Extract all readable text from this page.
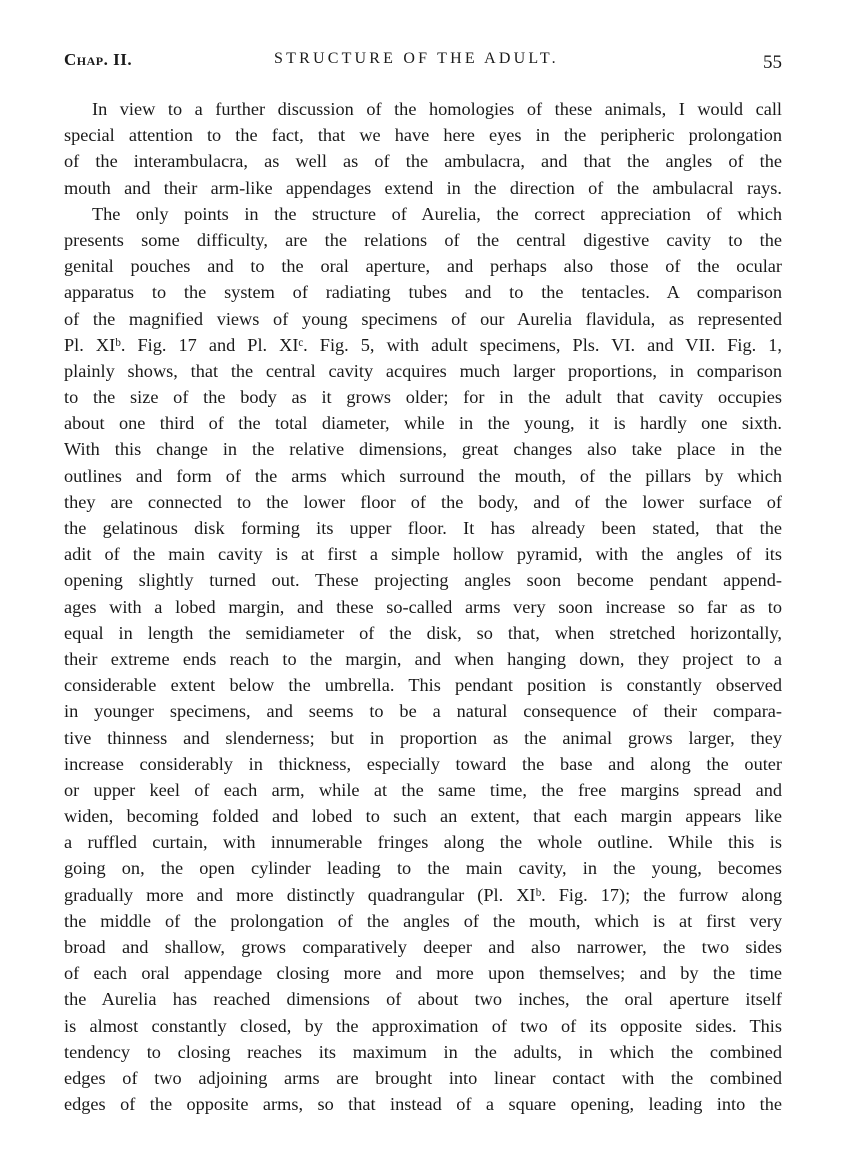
Chap. II.	STRUCTURE OF THE ADULT.	55
In view to a further discussion of the homologies of these animals, I would call
special attention to the fact, that we have here eyes in the peripheric prolongation
of the interambulacra, as well as of the ambulacra, and that the angles of the
mouth and their arm-like appendages extend in the direction of the ambulacral rays.
The only points in the structure of Aurelia, the correct appreciation of which
presents some difficulty, are the relations of the central digestive cavity to the
genital pouches and to the oral aperture, and perhaps also those of the ocular
apparatus to the system of radiating tubes and to the tentacles. A comparison
of the magnified views of young specimens of our Aurelia flavidula, as represented
Pl. XIᵇ. Fig. 17 and Pl. XIᶜ. Fig. 5, with adult specimens, Pls. VI. and VII. Fig. 1,
plainly shows, that the central cavity acquires much larger proportions, in comparison
to the size of the body as it grows older; for in the adult that cavity occupies
about one third of the total diameter, while in the young, it is hardly one sixth.
With this change in the relative dimensions, great changes also take place in the
outlines and form of the arms which surround the mouth, of the pillars by which
they are connected to the lower floor of the body, and of the lower surface of
the gelatinous disk forming its upper floor. It has already been stated, that the
adit of the main cavity is at first a simple hollow pyramid, with the angles of its
opening slightly turned out. These projecting angles soon become pendant append-
ages with a lobed margin, and these so-called arms very soon increase so far as to
equal in length the semidiameter of the disk, so that, when stretched horizontally,
their extreme ends reach to the margin, and when hanging down, they project to a
considerable extent below the umbrella. This pendant position is constantly observed
in younger specimens, and seems to be a natural consequence of their compara-
tive thinness and slenderness; but in proportion as the animal grows larger, they
increase considerably in thickness, especially toward the base and along the outer
or upper keel of each arm, while at the same time, the free margins spread and
widen, becoming folded and lobed to such an extent, that each margin appears like
a ruffled curtain, with innumerable fringes along the whole outline. While this is
going on, the open cylinder leading to the main cavity, in the young, becomes
gradually more and more distinctly quadrangular (Pl. XIᵇ. Fig. 17); the furrow along
the middle of the prolongation of the angles of the mouth, which is at first very
broad and shallow, grows comparatively deeper and also narrower, the two sides
of each oral appendage closing more and more upon themselves; and by the time
the Aurelia has reached dimensions of about two inches, the oral aperture itself
is almost constantly closed, by the approximation of two of its opposite sides. This
tendency to closing reaches its maximum in the adults, in which the combined
edges of two adjoining arms are brought into linear contact with the combined
edges of the opposite arms, so that instead of a square opening, leading into the
